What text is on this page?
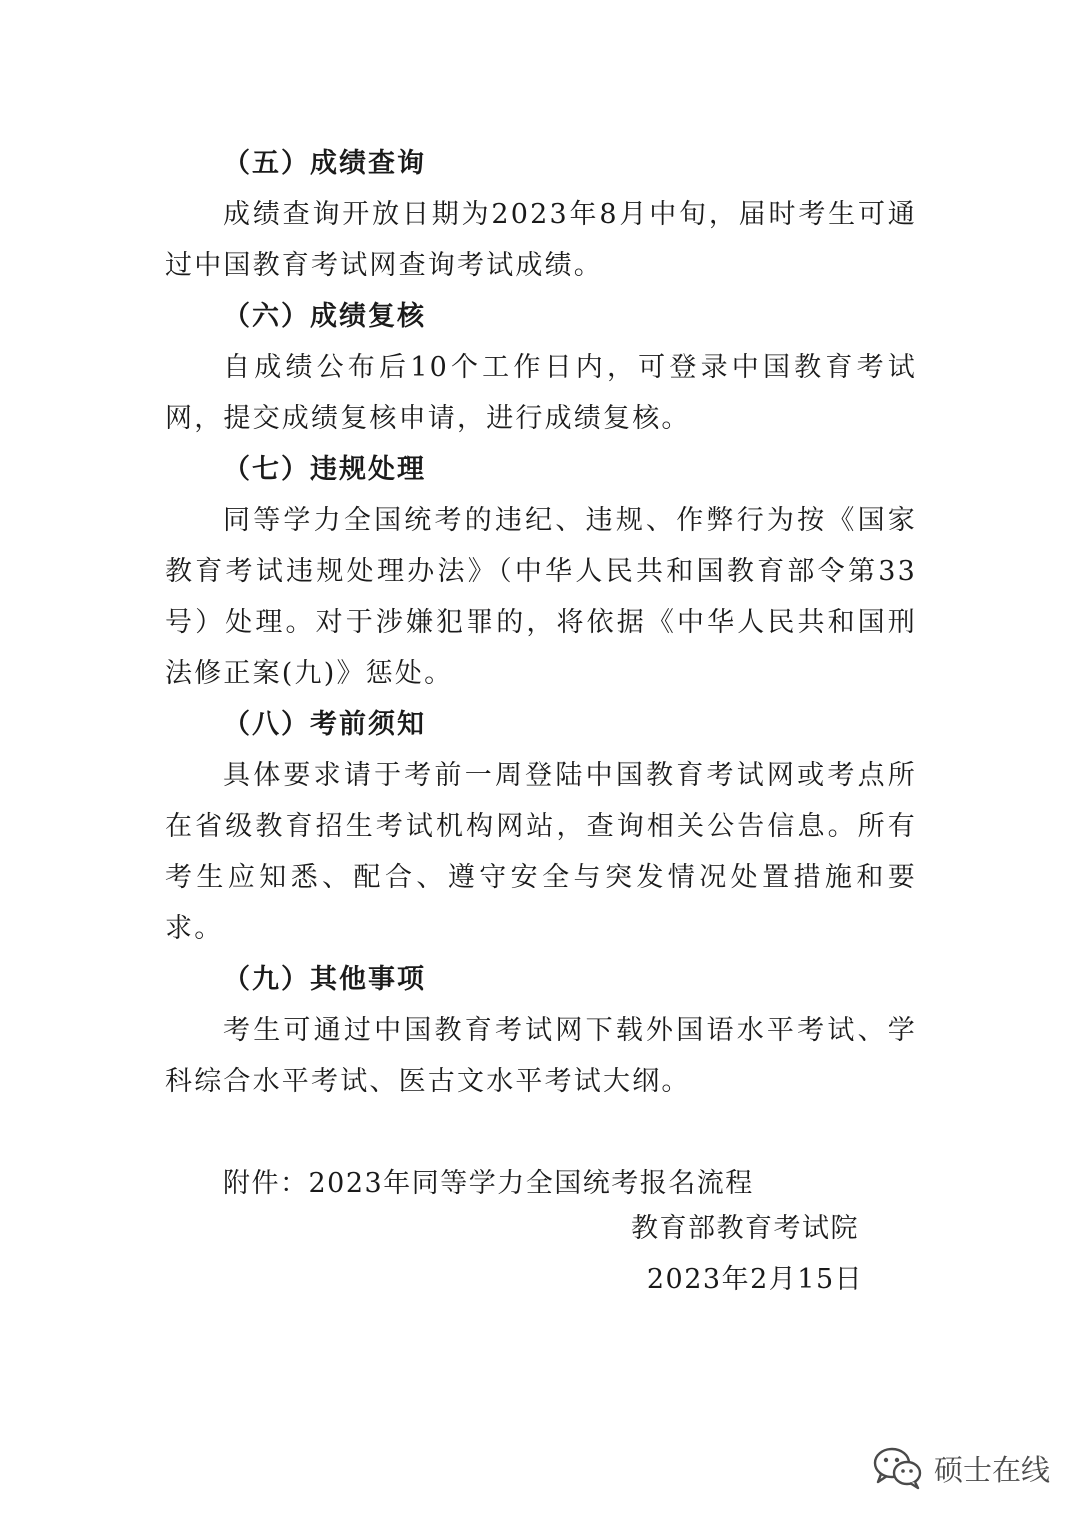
（五）成绩查询
成绩查询开放日期为2023年8月中旬，届时考生可通过中国教育考试网查询考试成绩。
（六）成绩复核
自成绩公布后10个工作日内，可登录中国教育考试网，提交成绩复核申请，进行成绩复核。
（七）违规处理
同等学力全国统考的违纪、违规、作弊行为按《国家教育考试违规处理办法》（中华人民共和国教育部令第33号）处理。对于涉嫌犯罪的，将依据《中华人民共和国刑法修正案(九)》惩处。
（八）考前须知
具体要求请于考前一周登陆中国教育考试网或考点所在省级教育招生考试机构网站，查询相关公告信息。所有考生应知悉、配合、遵守安全与突发情况处置措施和要求。
（九）其他事项
考生可通过中国教育考试网下载外国语水平考试、学科综合水平考试、医古文水平考试大纲。
附件：2023年同等学力全国统考报名流程
教育部教育考试院
2023年2月15日
硕士在线
